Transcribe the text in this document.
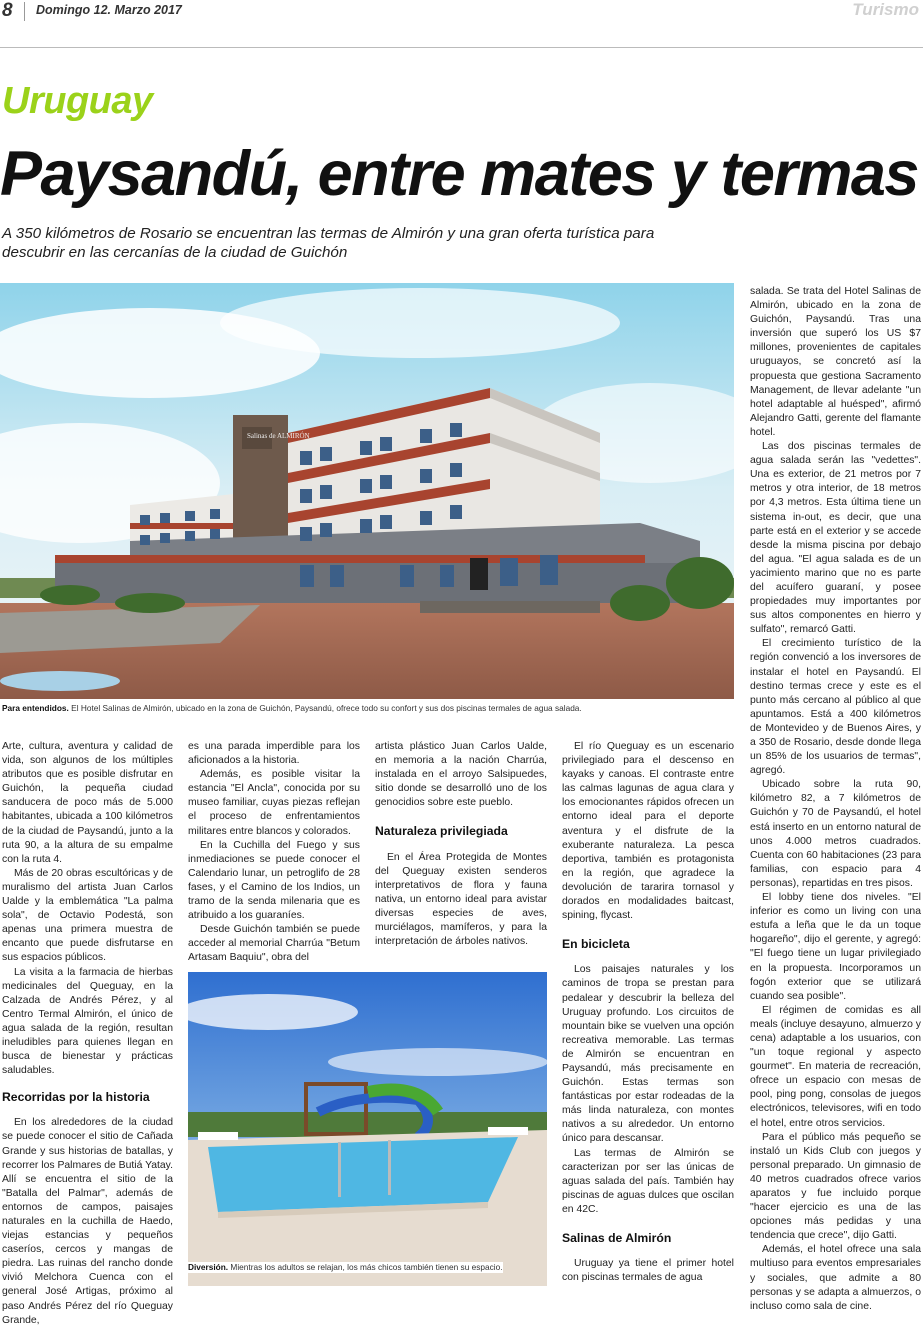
8 Domingo 12. Marzo 2017	Turismo
Uruguay
Paysandú, entre mates y termas
A 350 kilómetros de Rosario se encuentran las termas de Almirón y una gran oferta turística para descubrir en las cercanías de la ciudad de Guichón
Salinas de ALMIRÓN
Para entendidos. El Hotel Salinas de Almirón, ubicado en la zona de Guichón, Paysandú, ofrece todo su confort y sus dos piscinas termales de agua salada.

Arte, cultura, aventura y calidad de vida, son algunos de los múltiples atributos que es posible disfrutar en Guichón, la pequeña ciudad sanducera de poco más de 5.000 habitantes, ubicada a 100 kilómetros de la ciudad de Paysandú, junto a la ruta 90, a la altura de su empalme con la ruta 4.

Más de 20 obras escultóricas y de muralismo del artista Juan Carlos Ualde y la emblemática "La palma sola", de Octavio Podestá, son apenas una primera muestra de encanto que puede disfrutarse en sus espacios públicos.

La visita a la farmacia de hierbas medicinales del Queguay, en la Calzada de Andrés Pérez, y al Centro Termal Almirón, el único de agua salada de la región, resultan ineludibles para quienes llegan en busca de bienestar y prácticas saludables.

Recorridas por la historia

En los alrededores de la ciudad se puede conocer el sitio de Cañada Grande y sus historias de batallas, y recorrer los Palmares de Butiá Yatay. Allí se encuentra el sitio de la "Batalla del Palmar", además de entornos de campos, paisajes naturales en la cuchilla de Haedo, viejas estancias y pequeños caseríos, cercos y mangas de piedra. Las ruinas del rancho donde vivió Melchora Cuenca con el general José Artigas, próximo al paso Andrés Pérez del río Queguay Grande,

es una parada imperdible para los aficionados a la historia.

Además, es posible visitar la estancia "El Ancla", conocida por su museo familiar, cuyas piezas reflejan el proceso de enfrentamientos militares entre blancos y colorados.

En la Cuchilla del Fuego y sus inmediaciones se puede conocer el Calendario lunar, un petroglifo de 28 fases, y el Camino de los Indios, un tramo de la senda milenaria que es atribuido a los guaraníes.

Desde Guichón también se puede acceder al memorial Charrúa "Betum Artasam Baquiu", obra del

artista plástico Juan Carlos Ualde, en memoria a la nación Charrúa, instalada en el arroyo Salsipuedes, sitio donde se desarrolló uno de los genocidios sobre este pueblo.

Naturaleza privilegiada

En el Área Protegida de Montes del Queguay existen senderos interpretativos de flora y fauna nativa, un entorno ideal para avistar diversas especies de aves, murciélagos, mamíferos, y para la interpretación de árboles nativos.

Diversión. Mientras los adultos se relajan, los más chicos también tienen su espacio.

El río Queguay es un escenario privilegiado para el descenso en kayaks y canoas. El contraste entre las calmas lagunas de agua clara y los emocionantes rápidos ofrecen un entorno ideal para el deporte aventura y el disfrute de la exuberante naturaleza. La pesca deportiva, también es protagonista en la región, que agradece la devolución de tararira tornasol y dorados en modalidades baitcast, spining, flycast.

En bicicleta

Los paisajes naturales y los caminos de tropa se prestan para pedalear y descubrir la belleza del Uruguay profundo. Los circuitos de mountain bike se vuelven una opción recreativa memorable. Las termas de Almirón se encuentran en Paysandú, más precisamente en Guichón. Estas termas son fantásticas por estar rodeadas de la más linda naturaleza, con montes nativos a su alrededor. Un entorno único para descansar.

Las termas de Almirón se caracterizan por ser las únicas de aguas salada del país. También hay piscinas de aguas dulces que oscilan en 42C.

Salinas de Almirón

Uruguay ya tiene el primer hotel con piscinas termales de agua

salada. Se trata del Hotel Salinas de Almirón, ubicado en la zona de Guichón, Paysandú. Tras una inversión que superó los US $7 millones, provenientes de capitales uruguayos, se concretó así la propuesta que gestiona Sacramento Management, de llevar adelante "un hotel adaptable al huésped", afirmó Alejandro Gatti, gerente del flamante hotel.

Las dos piscinas termales de agua salada serán las "vedettes". Una es exterior, de 21 metros por 7 metros y otra interior, de 18 metros por 4,3 metros. Esta última tiene un sistema in-out, es decir, que una parte está en el exterior y se accede desde la misma piscina por debajo del agua. "El agua salada es de un yacimiento marino que no es parte del acuífero guaraní, y posee propiedades muy importantes por sus altos componentes en hierro y sulfato", remarcó Gatti.

El crecimiento turístico de la región convenció a los inversores de instalar el hotel en Paysandú. El destino termas crece y este es el punto más cercano al público al que apuntamos. Está a 400 kilómetros de Montevideo y de Buenos Aires, y a 350 de Rosario, desde donde llega un 85% de los usuarios de termas", agregó.

Ubicado sobre la ruta 90, kilómetro 82, a 7 kilómetros de Guichón y 70 de Paysandú, el hotel está inserto en un entorno natural de unos 4.000 metros cuadrados. Cuenta con 60 habitaciones (23 para familias, con espacio para 4 personas), repartidas en tres pisos.

El lobby tiene dos niveles. "El inferior es como un living con una estufa a leña que le da un toque hogareño", dijo el gerente, y agregó: "El fuego tiene un lugar privilegiado en la propuesta. Incorporamos un fogón exterior que se utilizará cuando sea posible".

El régimen de comidas es all meals (incluye desayuno, almuerzo y cena) adaptable a los usuarios, con "un toque regional y aspecto gourmet". En materia de recreación, ofrece un espacio con mesas de pool, ping pong, consolas de juegos electrónicos, televisores, wifi en todo el hotel, entre otros servicios.

Para el público más pequeño se instaló un Kids Club con juegos y personal preparado. Un gimnasio de 40 metros cuadrados ofrece varios aparatos y fue incluido porque "hacer ejercicio es una de las opciones más pedidas y una tendencia que crece", dijo Gatti.

Además, el hotel ofrece una sala multiuso para eventos empresariales y sociales, que admite a 80 personas y se adapta a almuerzos, o incluso como sala de cine.
